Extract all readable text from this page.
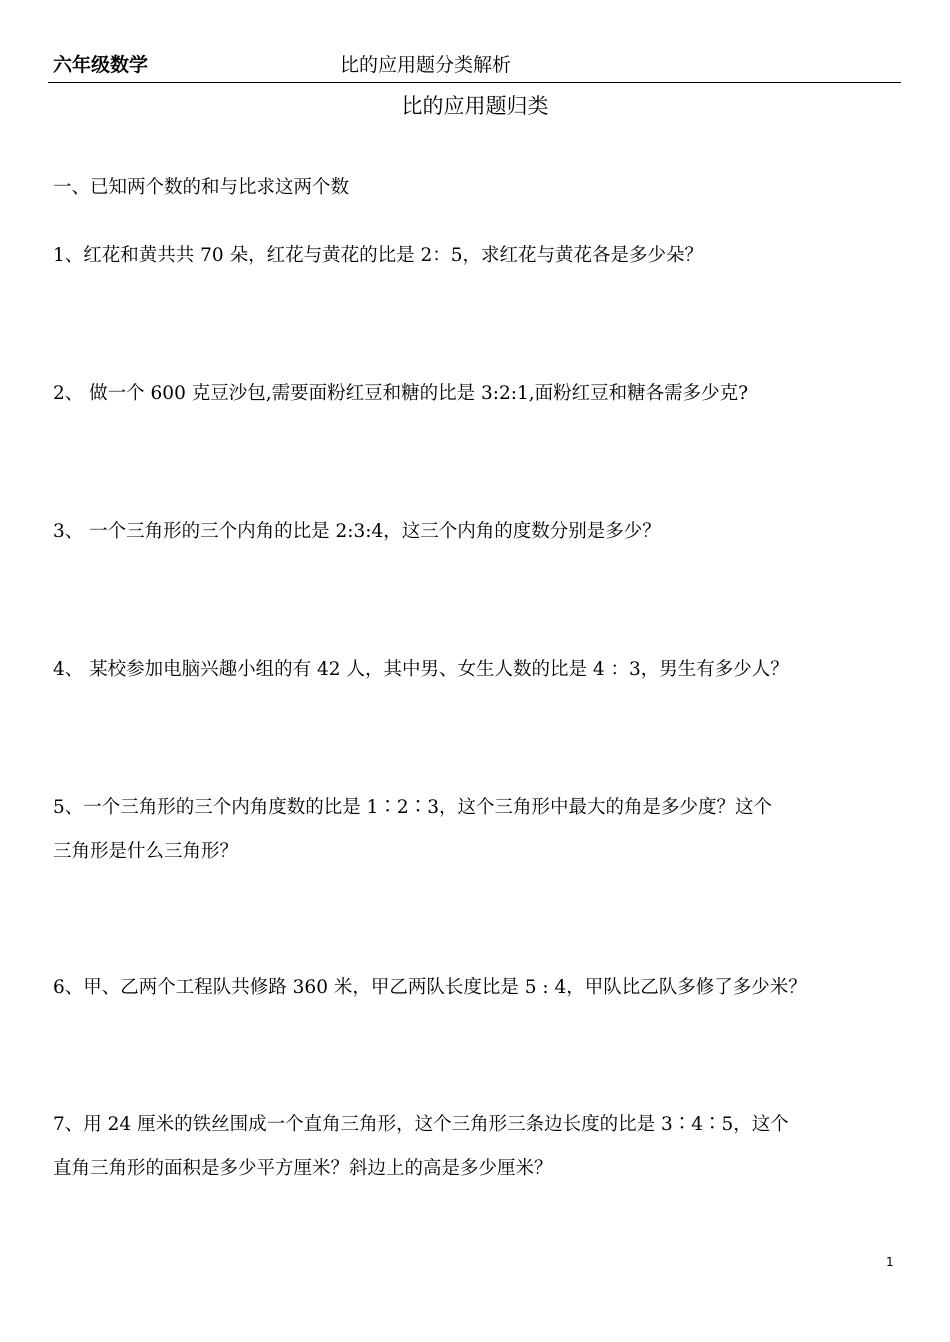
六年级数学	比的应用题分类解析
比的应用题归类
一、已知两个数的和与比求这两个数
1、红花和黄共共 70 朵，红花与黄花的比是 2：5，求红花与黄花各是多少朵？
2、 做一个 600 克豆沙包,需要面粉红豆和糖的比是 3:2:1,面粉红豆和糖各需多少克?
3、 一个三角形的三个内角的比是 2:3:4，这三个内角的度数分别是多少？
4、 某校参加电脑兴趣小组的有 42 人，其中男、女生人数的比是 4 ：3，男生有多少人？
5、一个三角形的三个内角度数的比是 1∶2∶3，这个三角形中最大的角是多少度？这个
三角形是什么三角形？
6、甲、乙两个工程队共修路 360 米，甲乙两队长度比是 5 : 4，甲队比乙队多修了多少米？
7、用 24 厘米的铁丝围成一个直角三角形，这个三角形三条边长度的比是 3∶4∶5，这个
直角三角形的面积是多少平方厘米？斜边上的高是多少厘米？
1
